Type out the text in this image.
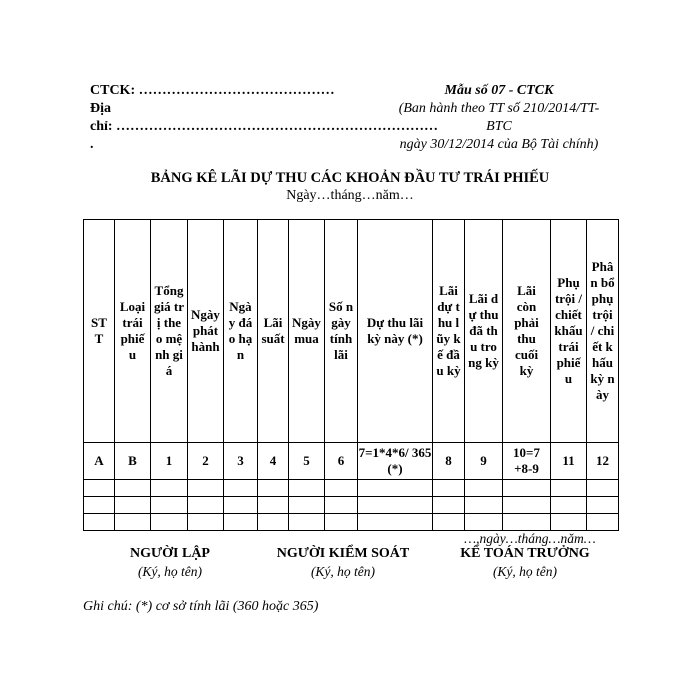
CTCK: ……………………………………
Địa
chỉ: ……………………………………………………………
.
Mẫu số 07 - CTCK
(Ban hành theo TT số 210/2014/TT-
BTC
ngày 30/12/2014 của Bộ Tài chính)
BẢNG KÊ LÃI DỰ THU CÁC KHOẢN ĐẦU TƯ TRÁI PHIẾU
Ngày…tháng…năm…
STT	Loại trái phiếu	Tổng giá trị theo mệnh giá	Ngày phát hành	Ngày đáo hạn	Lãi suất	Ngày mua	Số ngày tính lãi	Dự thu lãi kỳ này (*)	Lãi dự thu lũy kế đầu kỳ	Lãi dự thu đã thu trong kỳ	Lãi còn phải thu cuối kỳ	Phụ trội / chiết khấu trái phiếu	Phân bổ phụ trội / chiết khấu kỳ này
A	B	1	2	3	4	5	6	7=1*4*6/ 365 (*)	8	9	10=7 +8-9	11	12

…,ngày…tháng…năm…
NGƯỜI LẬP
(Ký, họ tên)
NGƯỜI KIỂM SOÁT
(Ký, họ tên)
KẾ TOÁN TRƯỞNG
(Ký, họ tên)
Ghi chú: (*) cơ sở tính lãi (360 hoặc 365)
